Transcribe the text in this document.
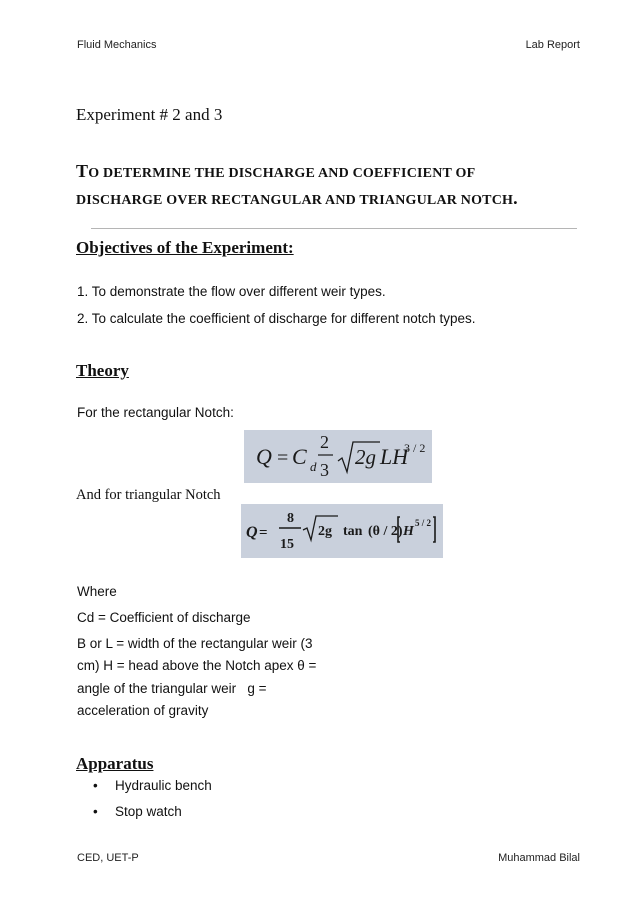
Fluid Mechanics	Lab Report
Experiment # 2 and 3
TO DETERMINE THE DISCHARGE AND COEFFICIENT OF
DISCHARGE OVER RECTANGULAR AND TRIANGULAR NOTCH.
Objectives of the Experiment:
1. To demonstrate the flow over different weir types.
2. To calculate the coefficient of discharge for different notch types.
Theory
For the rectangular Notch:
Q = C d
2
3
2g LH
3 / 2
And for triangular Notch
Q =
8
15
2g tan (θ / 2) H
5 / 2
Where
Cd = Coefficient of discharge
B or L = width of the rectangular weir (3
cm) H = head above the Notch apex θ =
angle of the triangular weir   g =
acceleration of gravity
Apparatus
• Hydraulic bench
• Stop watch
CED, UET-P	Muhammad Bilal
